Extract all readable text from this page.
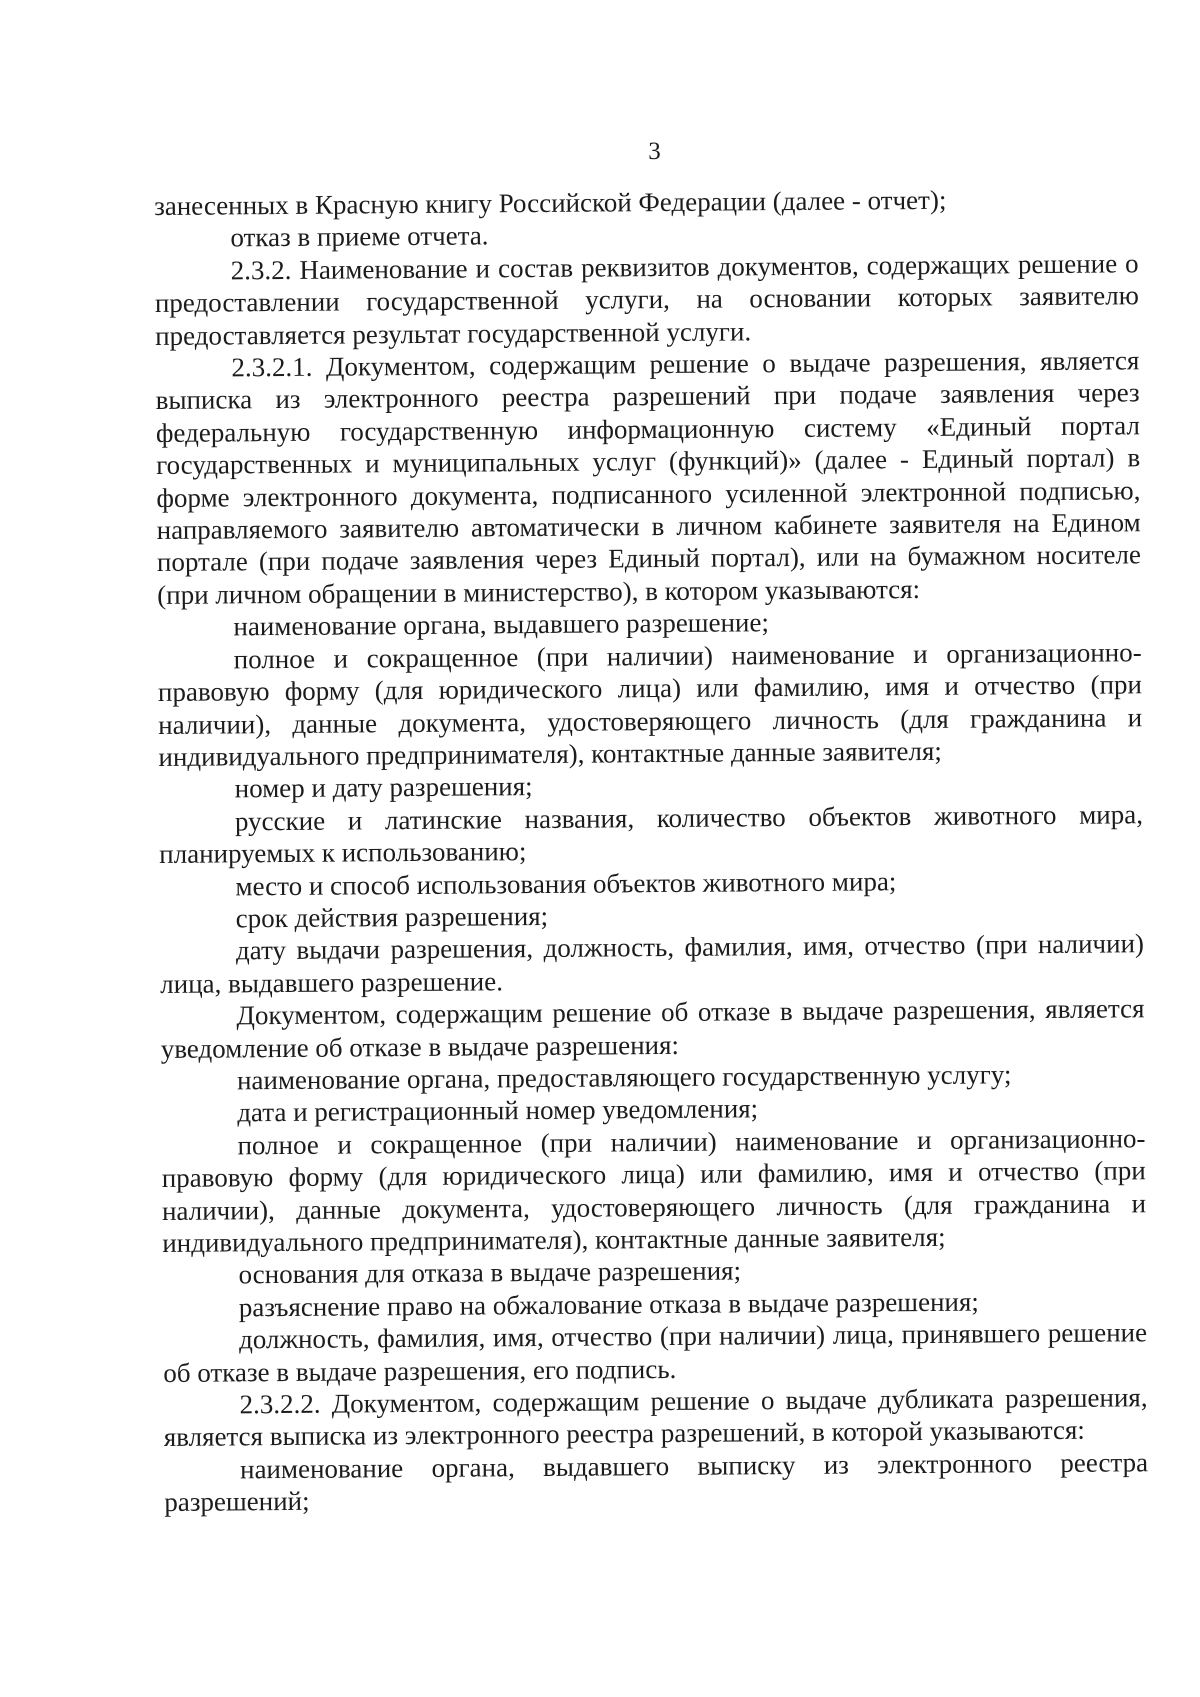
3

занесенных в Красную книгу Российской Федерации (далее - отчет);

отказ в приеме отчета.

2.3.2. Наименование и состав реквизитов документов, содержащих решение о предоставлении государственной услуги, на основании которых заявителю предоставляется результат государственной услуги.

2.3.2.1. Документом, содержащим решение о выдаче разрешения, является выписка из электронного реестра разрешений при подаче заявления через федеральную государственную информационную систему «Единый портал государственных и муниципальных услуг (функций)» (далее - Единый портал) в форме электронного документа, подписанного усиленной электронной подписью, направляемого заявителю автоматически в личном кабинете заявителя на Едином портале (при подаче заявления через Единый портал), или на бумажном носителе (при личном обращении в министерство), в котором указываются:

наименование органа, выдавшего разрешение;

полное и сокращенное (при наличии) наименование и организационно-правовую форму (для юридического лица) или фамилию, имя и отчество (при наличии), данные документа, удостоверяющего личность (для гражданина и индивидуального предпринимателя), контактные данные заявителя;

номер и дату разрешения;

русские и латинские названия, количество объектов животного мира, планируемых к использованию;

место и способ использования объектов животного мира;

срок действия разрешения;

дату выдачи разрешения, должность, фамилия, имя, отчество (при наличии) лица, выдавшего разрешение.

Документом, содержащим решение об отказе в выдаче разрешения, является уведомление об отказе в выдаче разрешения:

наименование органа, предоставляющего государственную услугу;

дата и регистрационный номер уведомления;

полное и сокращенное (при наличии) наименование и организационно-правовую форму (для юридического лица) или фамилию, имя и отчество (при наличии), данные документа, удостоверяющего личность (для гражданина и индивидуального предпринимателя), контактные данные заявителя;

основания для отказа в выдаче разрешения;

разъяснение право на обжалование отказа в выдаче разрешения;

должность, фамилия, имя, отчество (при наличии) лица, принявшего решение об отказе в выдаче разрешения, его подпись.

2.3.2.2. Документом, содержащим решение о выдаче дубликата разрешения, является выписка из электронного реестра разрешений, в которой указываются:

наименование органа, выдавшего выписку из электронного реестра разрешений;
